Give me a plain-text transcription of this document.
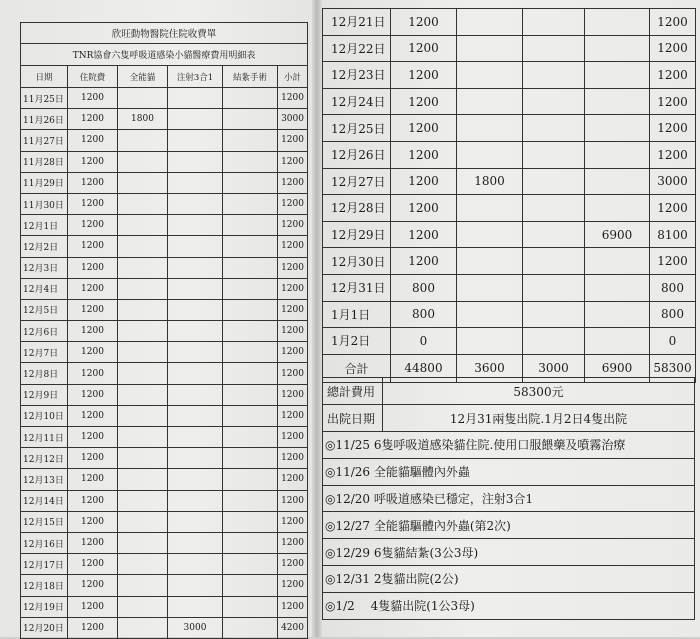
欣旺動物醫院住院收費單					
TNR協會六隻呼吸道感染小貓醫療費用明細表					
日期	住院費	全能貓	注射3合1	結紮手術	小計
11月25日	1200				1200
11月26日	1200	1800			3000
11月27日	1200				1200
11月28日	1200				1200
11月29日	1200				1200
11月30日	1200				1200
12月1日	1200				1200
12月2日	1200				1200
12月3日	1200				1200
12月4日	1200				1200
12月5日	1200				1200
12月6日	1200				1200
12月7日	1200				1200
12月8日	1200				1200
12月9日	1200				1200
12月10日	1200				1200
12月11日	1200				1200
12月12日	1200				1200
12月13日	1200				1200
12月14日	1200				1200
12月15日	1200				1200
12月16日	1200				1200
12月17日	1200				1200
12月18日	1200				1200
12月19日	1200				1200
12月20日	1200		3000		4200
12月21日	1200				1200
12月22日	1200				1200
12月23日	1200				1200
12月24日	1200				1200
12月25日	1200				1200
12月26日	1200				1200
12月27日	1200	1800			3000
12月28日	1200				1200
12月29日	1200			6900	8100
12月30日	1200				1200
12月31日	800				800
1月1日	800				800
1月2日	0				0
合計	44800	3600	3000	6900	58300
總計費用	58300元
出院日期	12月31兩隻出院.1月2日4隻出院
◎11/25 6隻呼吸道感染貓住院.使用口服餵藥及噴霧治療
◎11/26 全能貓驅體內外蟲
◎12/20 呼吸道感染已穩定，注射3合1
◎12/27 全能貓驅體內外蟲(第2次)
◎12/29 6隻貓結紮(3公3母)
◎12/31 2隻貓出院(2公)
◎1/2 　4隻貓出院(1公3母)
